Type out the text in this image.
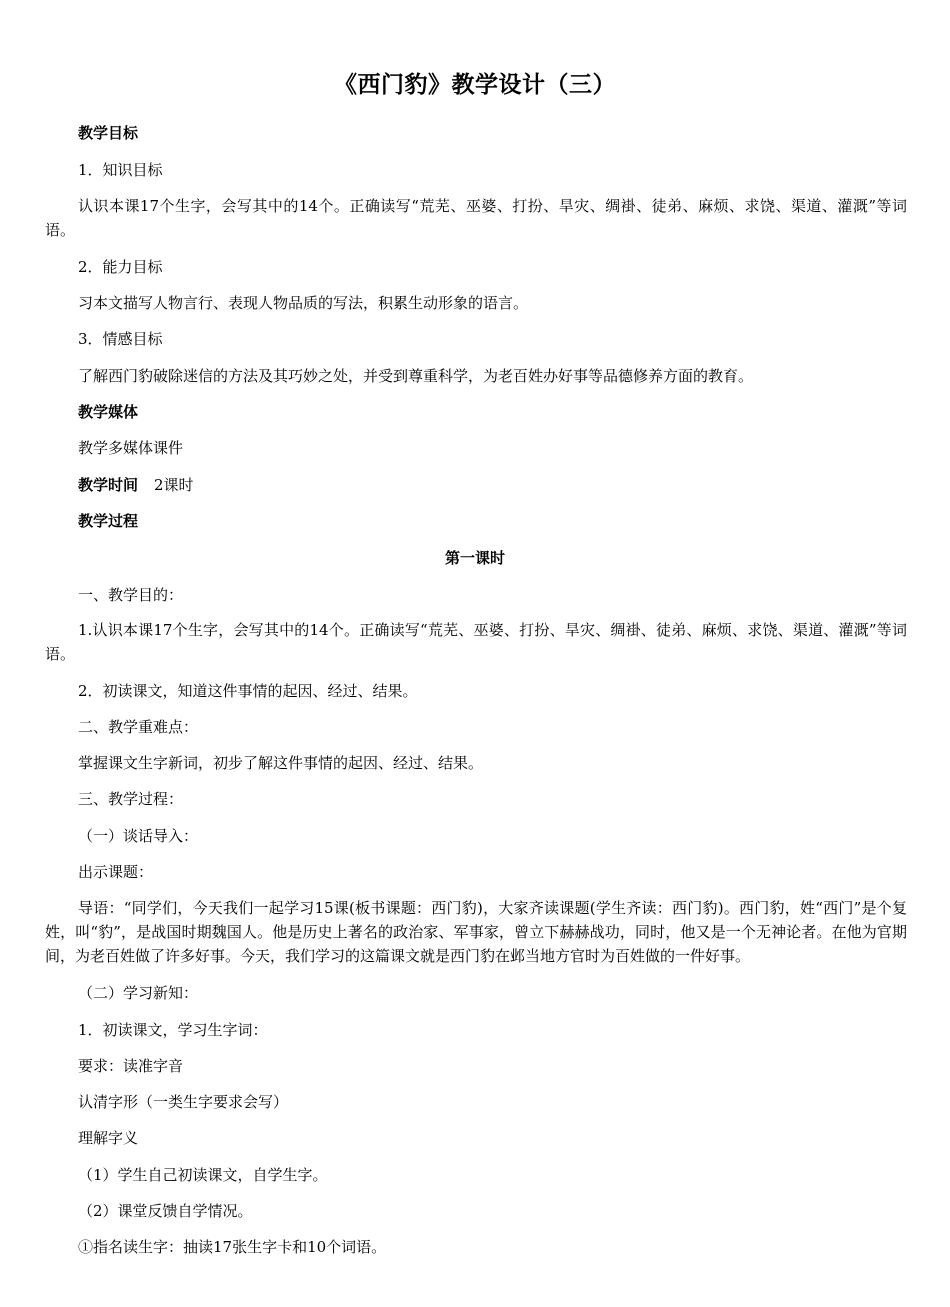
《西门豹》教学设计（三）
教学目标
1．知识目标
认识本课17个生字，会写其中的14个。正确读写“荒芜、巫婆、打扮、旱灾、绸褂、徒弟、麻烦、求饶、渠道、灌溉”等词语。
2．能力目标
习本文描写人物言行、表现人物品质的写法，积累生动形象的语言。
3．情感目标
了解西门豹破除迷信的方法及其巧妙之处，并受到尊重科学，为老百姓办好事等品德修养方面的教育。
教学媒体
教学多媒体课件
教学时间 2课时
教学过程
第一课时
一、教学目的：
1.认识本课17个生字，会写其中的14个。正确读写“荒芜、巫婆、打扮、旱灾、绸褂、徒弟、麻烦、求饶、渠道、灌溉”等词语。
2．初读课文，知道这件事情的起因、经过、结果。
二、教学重难点：
掌握课文生字新词，初步了解这件事情的起因、经过、结果。
三、教学过程：
（一）谈话导入：
出示课题：
导语：“同学们，今天我们一起学习15课(板书课题：西门豹)，大家齐读课题(学生齐读：西门豹)。西门豹，姓“西门”是个复姓，叫“豹”，是战国时期魏国人。他是历史上著名的政治家、军事家，曾立下赫赫战功，同时，他又是一个无神论者。在他为官期间，为老百姓做了许多好事。今天，我们学习的这篇课文就是西门豹在邺当地方官时为百姓做的一件好事。
（二）学习新知：
1．初读课文，学习生字词：
要求：读准字音
认清字形（一类生字要求会写）
理解字义
（1）学生自己初读课文，自学生字。
（2）课堂反馈自学情况。
①指名读生字：抽读17张生字卡和10个词语。
